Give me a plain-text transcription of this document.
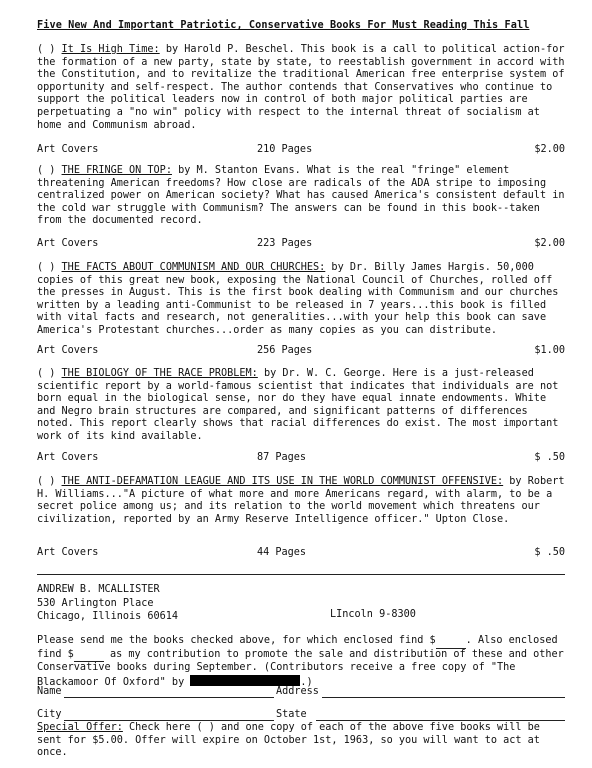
Five New And Important Patriotic, Conservative Books For Must Reading This Fall
( ) It Is High Time: by Harold P. Beschel. This book is a call to political action-for the formation of a new party, state by state, to reestablish government in accord with the Constitution, and to revitalize the traditional American free enterprise system of opportunity and self-respect. The author contends that Conservatives who continue to support the political leaders now in control of both major political parties are perpetuating a "no win" policy with respect to the internal threat of socialism at home and Communism abroad.
Art Covers	210 Pages	$2.00
( ) THE FRINGE ON TOP: by M. Stanton Evans. What is the real "fringe" element threatening American freedoms? How close are radicals of the ADA stripe to imposing centralized power on American society? What has caused America's consistent default in the cold war struggle with Communism? The answers can be found in this book--taken from the documented record.
Art Covers	223 Pages	$2.00
( ) THE FACTS ABOUT COMMUNISM AND OUR CHURCHES: by Dr. Billy James Hargis. 50,000 copies of this great new book, exposing the National Council of Churches, rolled off the presses in August. This is the first book dealing with Communism and our churches written by a leading anti-Communist to be released in 7 years...this book is filled with vital facts and research, not generalities...with your help this book can save America's Protestant churches...order as many copies as you can distribute.
Art Covers	256 Pages	$1.00
( ) THE BIOLOGY OF THE RACE PROBLEM: by Dr. W. C. George. Here is a just-released scientific report by a world-famous scientist that indicates that individuals are not born equal in the biological sense, nor do they have equal innate endowments. White and Negro brain structures are compared, and significant patterns of differences noted. This report clearly shows that racial differences do exist. The most important work of its kind available.
Art Covers	87 Pages	$ .50
( ) THE ANTI-DEFAMATION LEAGUE AND ITS USE IN THE WORLD COMMUNIST OFFENSIVE: by Robert H. Williams..."A picture of what more and more Americans regard, with alarm, to be a secret police among us; and its relation to the world movement which threatens our civilization, reported by an Army Reserve Intelligence officer." Upton Close.
Art Covers	44 Pages	$ .50
ANDREW B. MCALLISTER
530 Arlington Place
Chicago, Illinois 60614	LIncoln 9-8300
Please send me the books checked above, for which enclosed find $	. Also enclosed find $	as my contribution to promote the sale and distribution of these and other Conservative books during September. (Contributors receive a free copy of "The Blackamoor Of Oxford" by	.)
Name	Address
City	State
Special Offer: Check here ( ) and one copy of each of the above five books will be sent for $5.00. Offer will expire on October 1st, 1963, so you will want to act at once.
